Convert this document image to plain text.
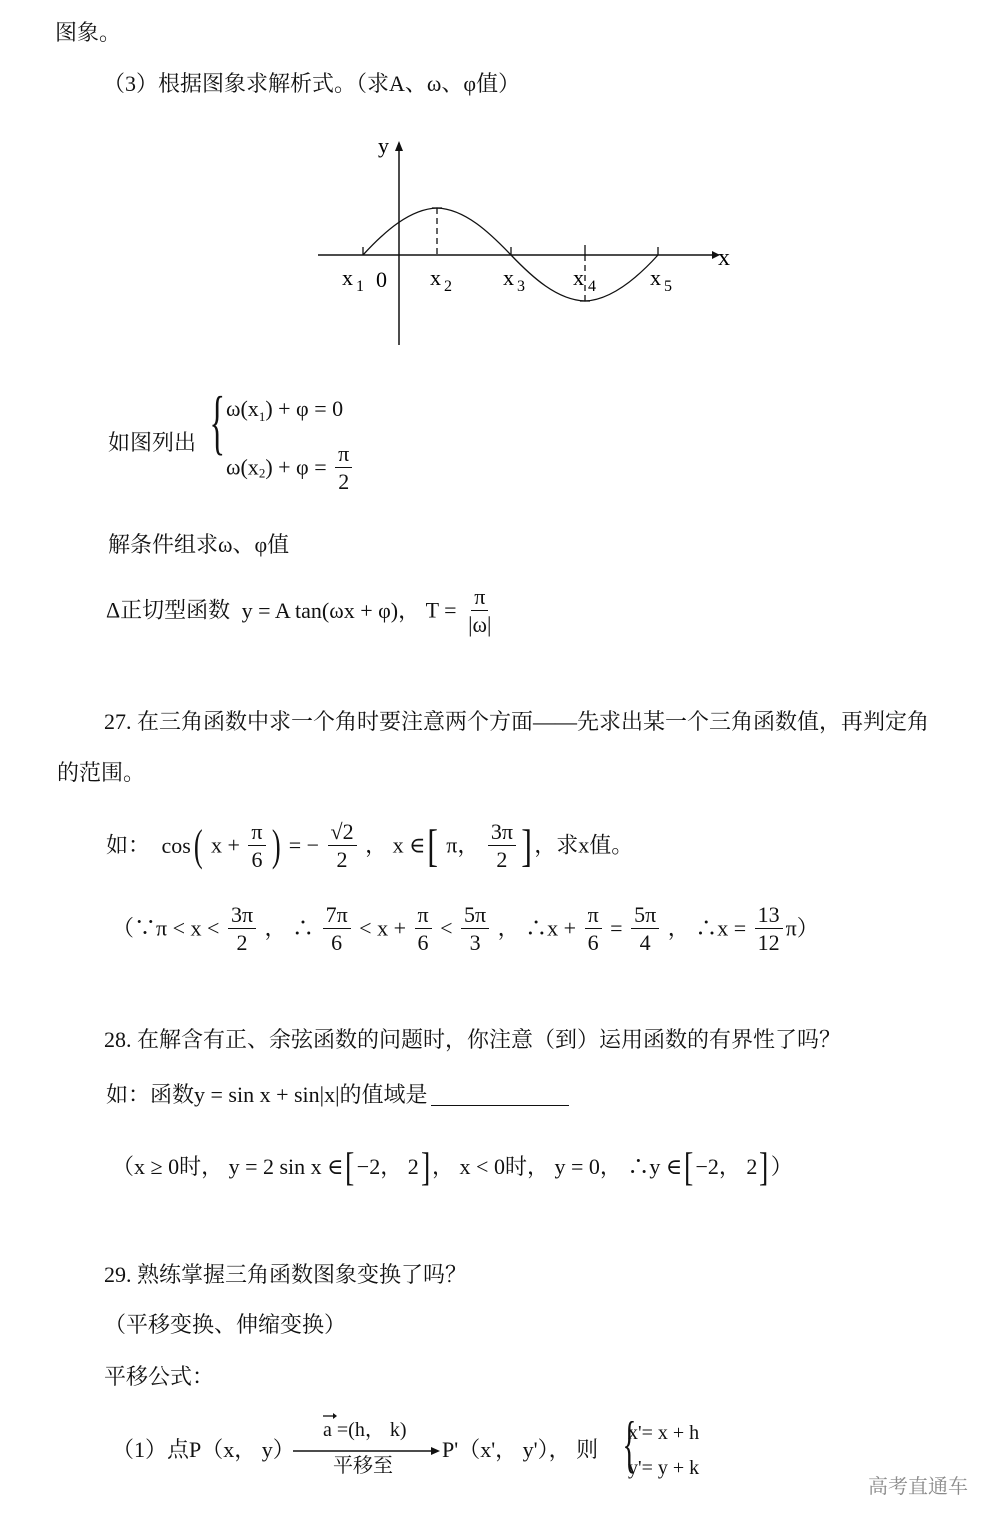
图象。
（3）根据图象求解析式。（求A、ω、φ值）
y
x
0
x 1	x 2 x 3 x 4 x 5
如图列出 { $\omega(x_1) + \varphi = 0$
$\omega(x_2) + \varphi = \frac{\pi}{2}$
解条件组求ω、φ值
Δ正切型函数 y = A tan(ωx + φ)， $T = \frac{\pi}{|\omega|}$
27. 在三角函数中求一个角时要注意两个方面——先求出某一个三角函数值，再判定角
的范围。
如： cos( $x + \frac{\pi}{6}$ ) = − $\frac{√2}{2}$ ， x ∈[ π， $\frac{3\pi}{2}$ ] ，求x值。
（∵π < $x < \frac{3\pi}{2}$ ， ∴ $\frac{7\pi}{6} < x + \frac{\pi}{6} < \frac{5\pi}{3}$ ， ∴x + $\frac{\pi}{6} = \frac{5\pi}{4}$ ， ∴x = $\frac{13}{12} \pi$）
28. 在解含有正、余弦函数的问题时，你注意（到）运用函数的有界性了吗？
如：函数y = sin x + sin|x|的值域是
（x ≥ 0时， y = 2 sin x ∈[−2， 2]， x < 0时， y = 0， ∴y ∈[−2， 2]）
29. 熟练掌握三角函数图象变换了吗？
（平移变换、伸缩变换）
平移公式：
（1）点P（x， y）
a =(h， k)
平移至
P'（x'， y'）， 则 {
x'= x + h
y'= y + k
高考直通车
